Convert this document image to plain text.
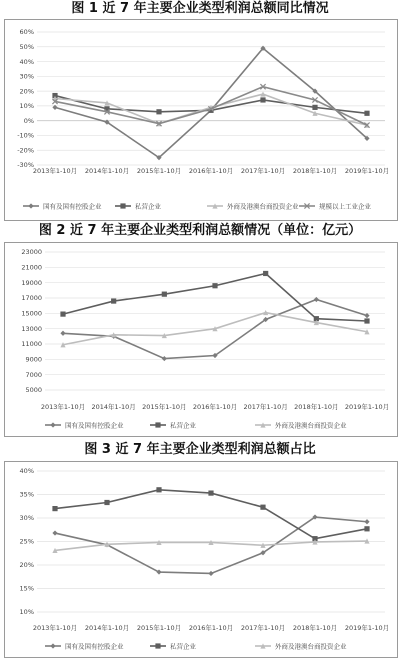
图 1 近 7 年主要企业类型利润总额同比情况
60%
50%
40%
30%
20%
10%
0%
-10%
-20%
-30%
2013年1-10月 2014年1-10月 2015年1-10月 2016年1-10月 2017年1-10月 2018年1-10月 2019年1-10月
国有及国有控股企业	私营企业	外商及港澳台商投资企业	规模以上工业企业
图 2 近 7 年主要企业类型利润总额情况（单位：亿元）
23000
21000
19000
17000
15000
13000
11000
9000
7000
5000
2013年1-10月 2014年1-10月 2015年1-10月 2016年1-10月 2017年1-10月 2018年1-10月 2019年1-10月
国有及国有控股企业	私营企业	外商及港澳台商投资企业
图 3 近 7 年主要企业类型利润总额占比
40%
35%
30%
25%
20%
15%
10%
2013年1-10月 2014年1-10月 2015年1-10月 2016年1-10月 2017年1-10月 2018年1-10月 2019年1-10月
国有及国有控股企业	私营企业	外商及港澳台商投资企业
